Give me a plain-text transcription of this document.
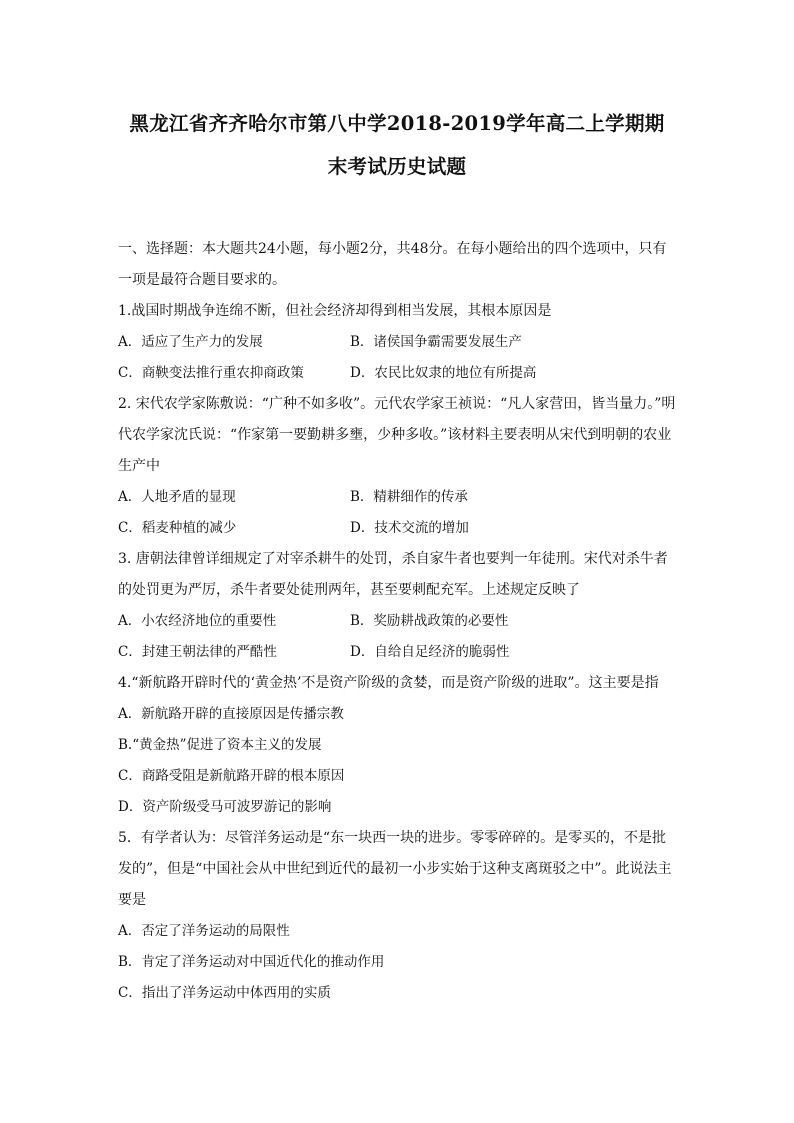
黑龙江省齐齐哈尔市第八中学2018-2019学年高二上学期期
末考试历史试题

一、选择题：本大题共24小题，每小题2分，共48分。在每小题给出的四个选项中，只有一项是最符合题目要求的。

1.战国时期战争连绵不断，但社会经济却得到相当发展，其根本原因是

A．适应了生产力的发展	B．诸侯国争霸需要发展生产
C．商鞅变法推行重农抑商政策	D．农民比奴隶的地位有所提高

2. 宋代农学家陈敷说：“广种不如多收”。元代农学家王祯说：“凡人家营田，皆当量力。”明代农学家沈氏说：“作家第一要勤耕多壅，少种多收。”该材料主要表明从宋代到明朝的农业生产中

A．人地矛盾的显现	B．精耕细作的传承
C．稻麦种植的减少	D．技术交流的增加

3. 唐朝法律曾详细规定了对宰杀耕牛的处罚，杀自家牛者也要判一年徒刑。宋代对杀牛者的处罚更为严厉，杀牛者要处徒刑两年，甚至要刺配充军。上述规定反映了

A．小农经济地位的重要性	B．奖励耕战政策的必要性
C．封建王朝法律的严酷性	D．自给自足经济的脆弱性

4.“新航路开辟时代的‘黄金热’不是资产阶级的贪婪，而是资产阶级的进取”。这主要是指

A．新航路开辟的直接原因是传播宗教
B.“黄金热”促进了资本主义的发展
C．商路受阻是新航路开辟的根本原因
D．资产阶级受马可波罗游记的影响

5．有学者认为：尽管洋务运动是“东一块西一块的进步。零零碎碎的。是零买的，不是批发的”，但是“中国社会从中世纪到近代的最初一小步实始于这种支离斑驳之中”。此说法主要是

A．否定了洋务运动的局限性
B．肯定了洋务运动对中国近代化的推动作用
C．指出了洋务运动中体西用的实质
